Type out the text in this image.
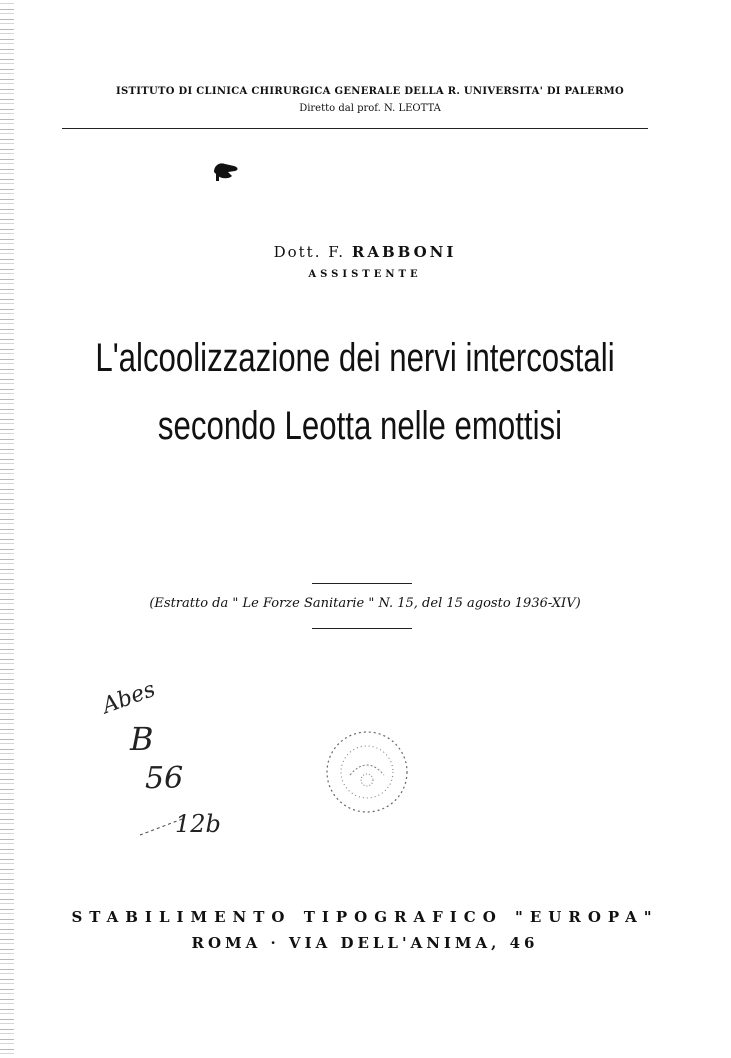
ISTITUTO DI CLINICA CHIRURGICA GENERALE DELLA R. UNIVERSITA' DI PALERMO
Diretto dal prof. N. LEOTTA
Dott. F. RABBONI
ASSISTENTE
L'alcoolizzazione dei nervi intercostali
secondo Leotta nelle emottisi
(Estratto da " Le Forze Sanitarie " N. 15, del 15 agosto 1936-XIV)
Abes
B
56
12b
STABILIMENTO TIPOGRAFICO "EUROPA"
ROMA · VIA DELL'ANIMA, 46
